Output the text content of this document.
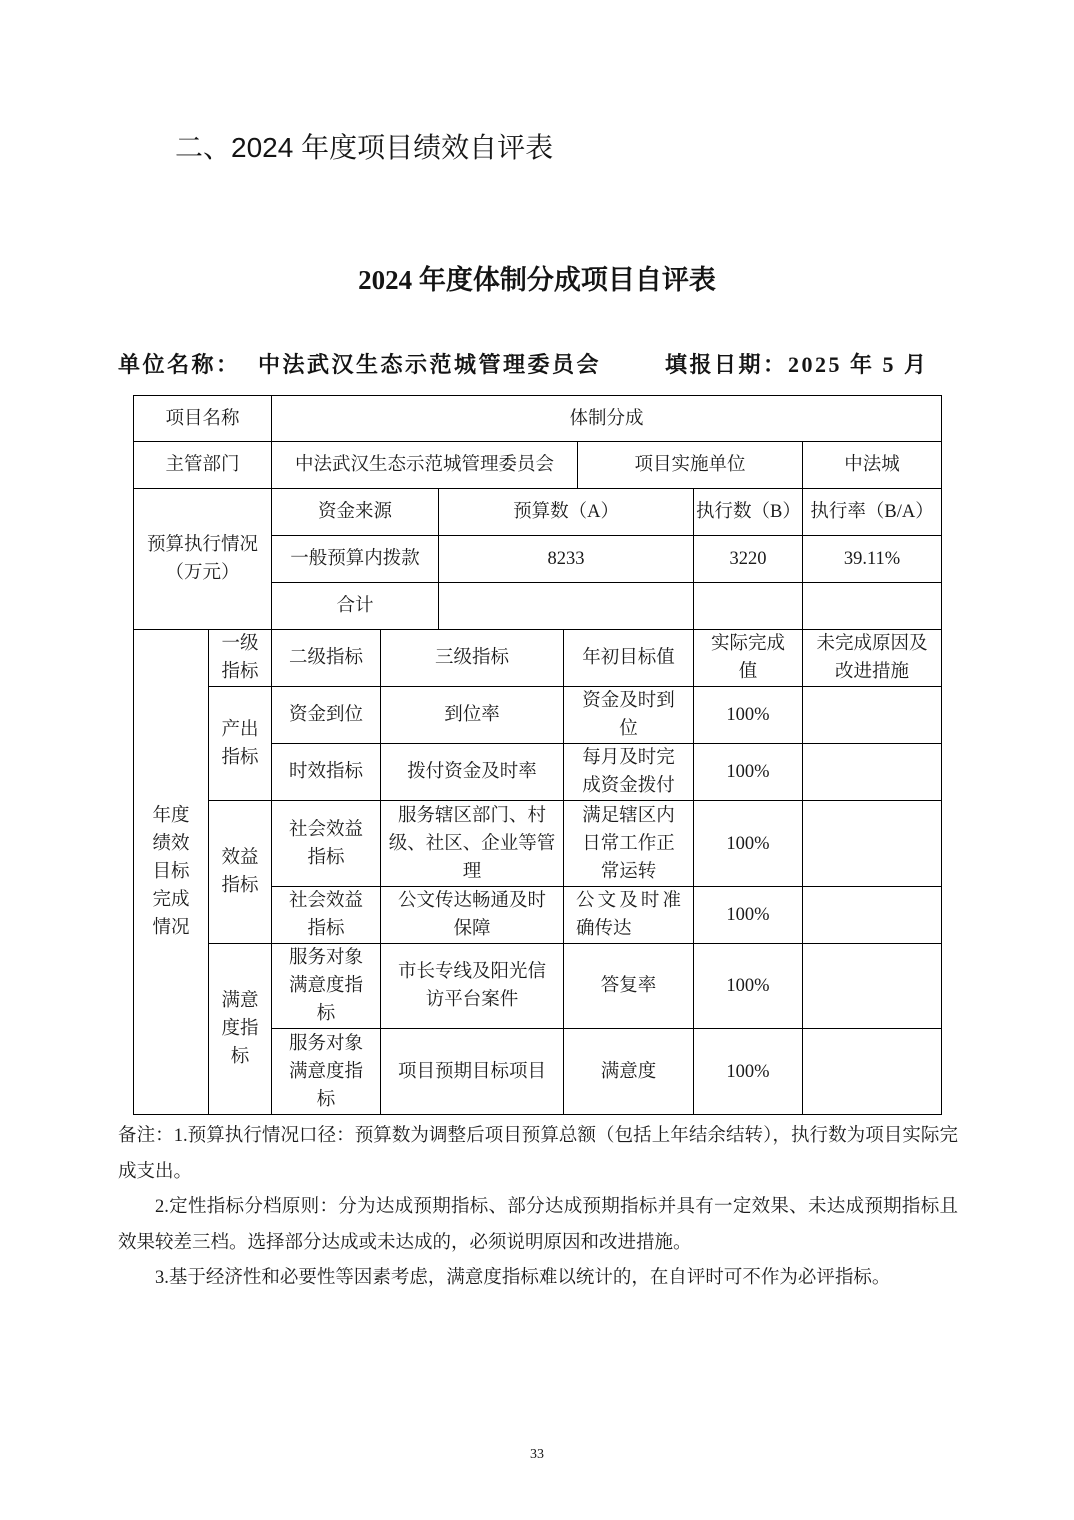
二、2024 年度项目绩效自评表
2024 年度体制分成项目自评表
单位名称： 中法武汉生态示范城管理委员会	填报日期： 2025 年 5 月
项目名称		体制分成						
主管部门		中法武汉生态示范城管理委员会				项目实施单位		中法城
预算执行情况（万元）		资金来源		预算数（A）			执行数（B）	执行率（B/A）
		一般预算内拨款		8233			3220	39.11%
		合计						
年度绩效目标完成情况	一级指标	二级指标	三级指标		年初目标值		实际完成值	未完成原因及改进措施
	产出指标	资金到位	到位率		资金及时到位		100%	
		时效指标	拨付资金及时率		每月及时完成资金拨付		100%	
	效益指标	社会效益指标	服务辖区部门、村级、社区、企业等管理		满足辖区内日常工作正常运转		100%	
		社会效益指标	公文传达畅通及时保障		公文及时准确传达		100%	
	满意度指标	服务对象满意度指标	市长专线及阳光信访平台案件		答复率		100%	
		服务对象满意度指标	项目预期目标项目		满意度		100%	

备注：1.预算执行情况口径：预算数为调整后项目预算总额（包括上年结余结转），执行数为项目实际完成支出。

2.定性指标分档原则：分为达成预期指标、部分达成预期指标并具有一定效果、未达成预期指标且效果较差三档。选择部分达成或未达成的，必须说明原因和改进措施。

3.基于经济性和必要性等因素考虑，满意度指标难以统计的，在自评时可不作为必评指标。

33
